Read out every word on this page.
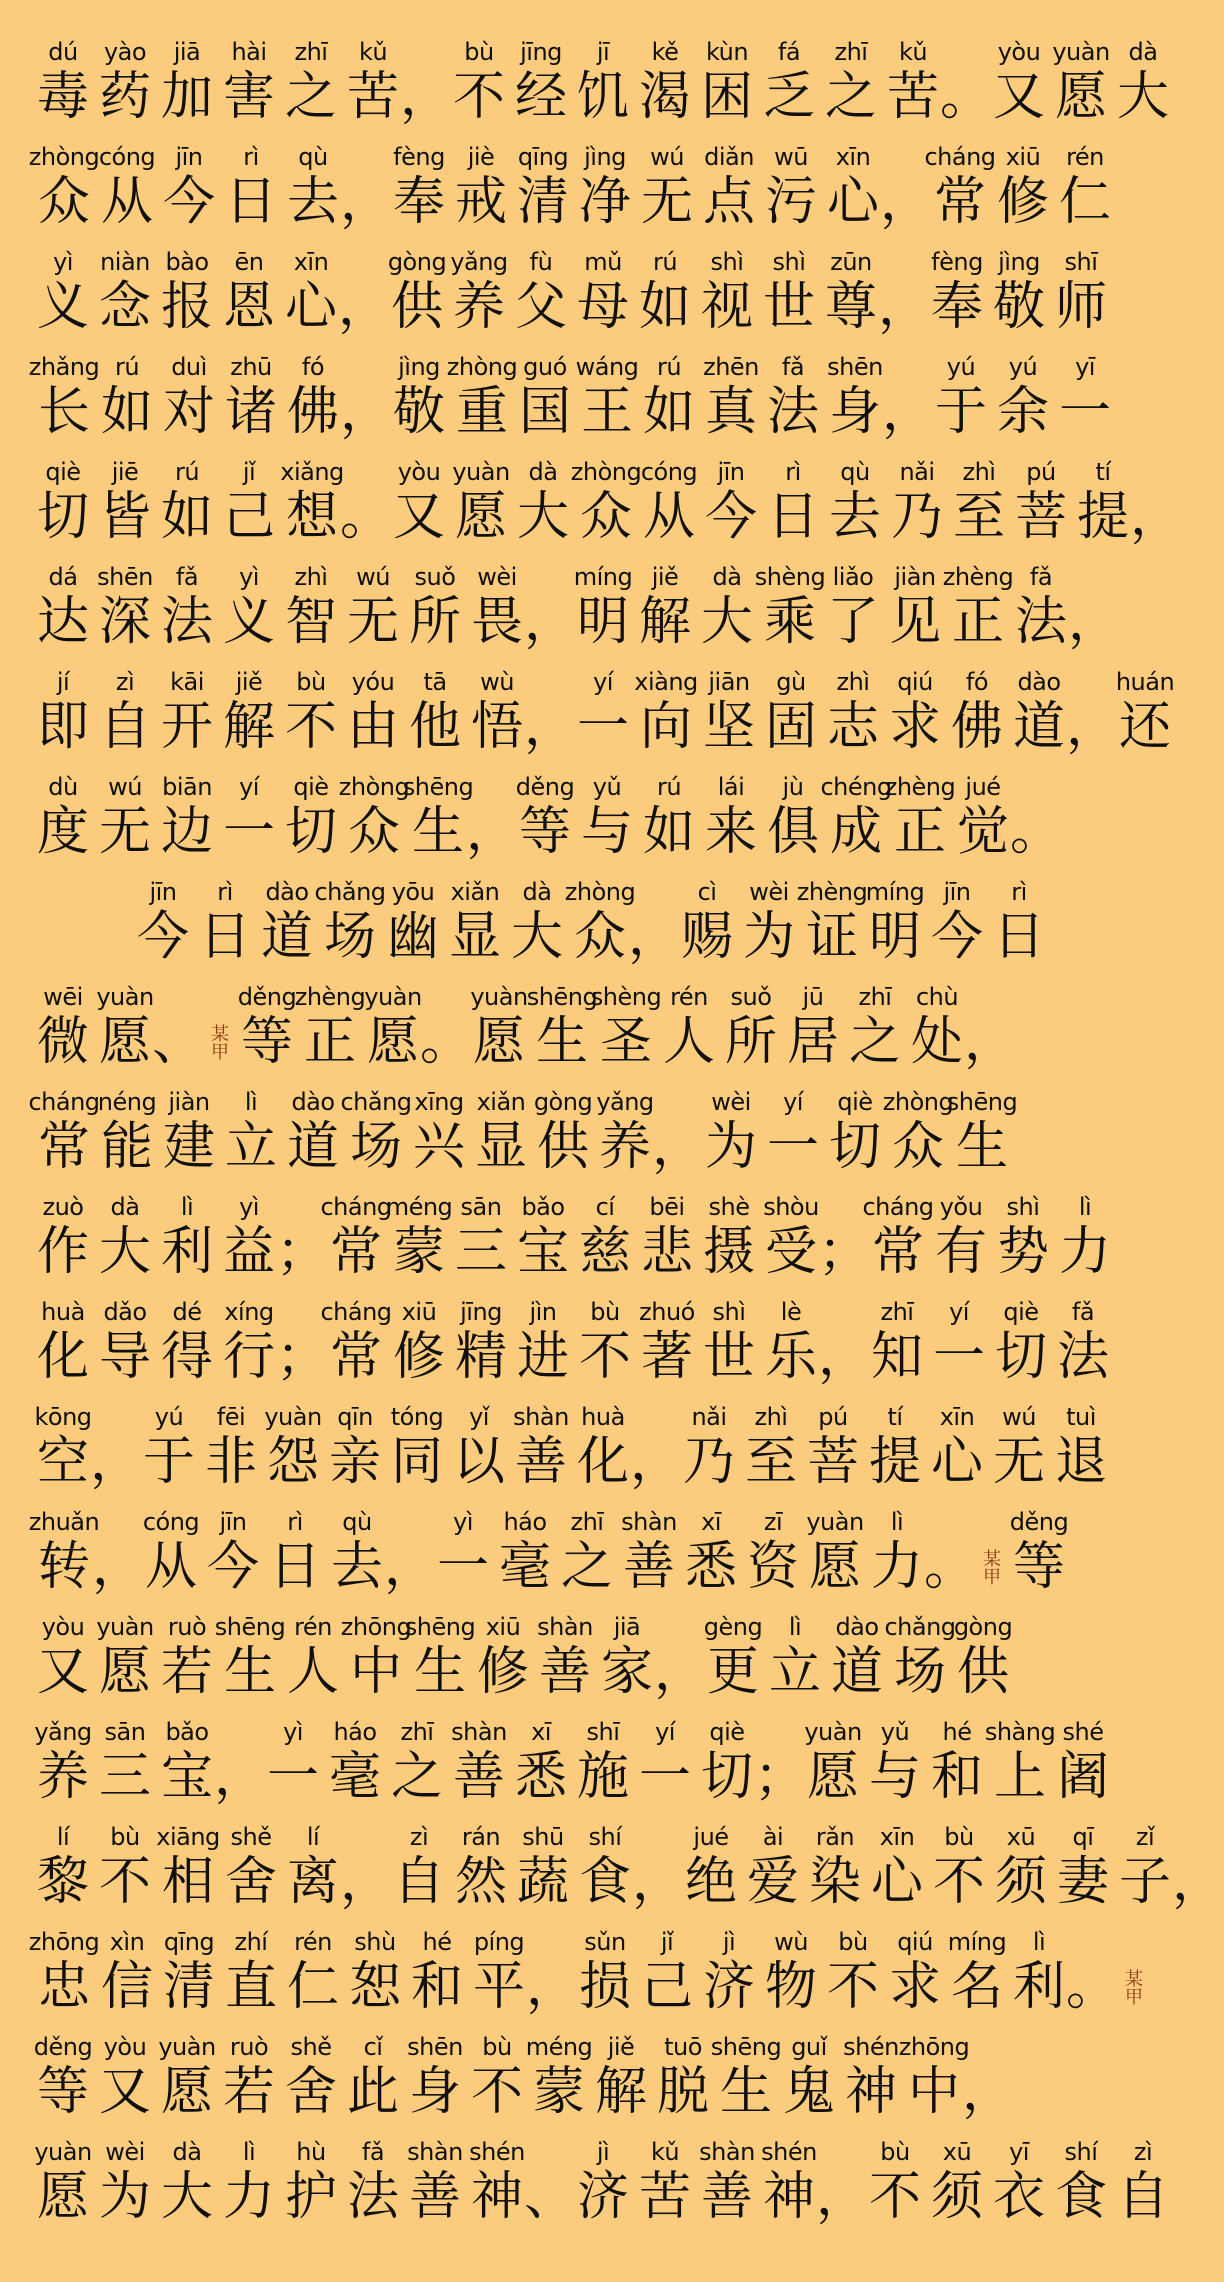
dú
毒
yào
药
jiā
加
hài
害
zhī
之
kǔ
苦 ，
bù
不
jīng
经
jī
饥
kě
渴
kùn
困
fá
乏
zhī
之
kǔ
苦 。
yòu
又
yuàn
愿
dà
大
zhòng
众
cóng
从
jīn
今
rì
日
qù
去 ，
fèng
奉
jiè
戒
qīng
清
jìng
净
wú
无
diǎn
点
wū
污
xīn
心 ，
cháng
常
xiū
修
rén
仁
yì
义
niàn
念
bào
报
ēn
恩
xīn
心 ，
gòng
供
yǎng
养
fù
父
mǔ
母
rú
如
shì
视
shì
世
zūn
尊 ，
fèng
奉
jìng
敬
shī
师
zhǎng
长
rú
如
duì
对
zhū
诸
fó
佛 ，
jìng
敬
zhòng
重
guó
国
wáng
王
rú
如
zhēn
真
fǎ
法
shēn
身 ，
yú
于
yú
余
yī
一
qiè
切
jiē
皆
rú
如
jǐ
己
xiǎng
想 。
yòu
又
yuàn
愿
dà
大
zhòng
众
cóng
从
jīn
今
rì
日
qù
去
nǎi
乃
zhì
至
pú
菩
tí
提 ，
dá
达
shēn
深
fǎ
法
yì
义
zhì
智
wú
无
suǒ
所
wèi
畏 ，
míng
明
jiě
解
dà
大
shèng
乘
liǎo
了
jiàn
见
zhèng
正
fǎ
法 ，
jí
即
zì
自
kāi
开
jiě
解
bù
不
yóu
由
tā
他
wù
悟 ，
yí
一
xiàng
向
jiān
坚
gù
固
zhì
志
qiú
求
fó
佛
dào
道 ，
huán
还
dù
度
wú
无
biān
边
yí
一
qiè
切
zhòng
众
shēng
生 ，
děng
等
yǔ
与
rú
如
lái
来
jù
俱
chéng
成
zhèng
正
jué
觉 。
jīn
今
rì
日
dào
道
chǎng
场
yōu
幽
xiǎn
显
dà
大
zhòng
众 ，
cì
赐
wèi
为
zhèng
证
míng
明
jīn
今
rì
日
wēi
微
yuàn
愿 、 某甲
děng
等
zhèng
正
yuàn
愿 。
yuàn
愿
shēng
生
shèng
圣
rén
人
suǒ
所
jū
居
zhī
之
chù
处 ，
cháng
常
néng
能
jiàn
建
lì
立
dào
道
chǎng
场
xīng
兴
xiǎn
显
gòng
供
yǎng
养 ，
wèi
为
yí
一
qiè
切
zhòng
众
shēng
生
zuò
作
dà
大
lì
利
yì
益 ；
cháng
常
méng
蒙
sān
三
bǎo
宝
cí
慈
bēi
悲
shè
摄
shòu
受 ；
cháng
常
yǒu
有
shì
势
lì
力
huà
化
dǎo
导
dé
得
xíng
行 ；
cháng
常
xiū
修
jīng
精
jìn
进
bù
不
zhuó
著
shì
世
lè
乐 ，
zhī
知
yí
一
qiè
切
fǎ
法
kōng
空 ，
yú
于
fēi
非
yuàn
怨
qīn
亲
tóng
同
yǐ
以
shàn
善
huà
化 ，
nǎi
乃
zhì
至
pú
菩
tí
提
xīn
心
wú
无
tuì
退
zhuǎn
转 ，
cóng
从
jīn
今
rì
日
qù
去 ，
yì
一
háo
毫
zhī
之
shàn
善
xī
悉
zī
资
yuàn
愿
lì
力 。 某甲
děng
等
yòu
又
yuàn
愿
ruò
若
shēng
生
rén
人
zhōng
中
shēng
生
xiū
修
shàn
善
jiā
家 ，
gèng
更
lì
立
dào
道
chǎng
场
gòng
供
yǎng
养
sān
三
bǎo
宝 ，
yì
一
háo
毫
zhī
之
shàn
善
xī
悉
shī
施
yí
一
qiè
切 ；
yuàn
愿
yǔ
与
hé
和
shàng
上
shé
阇
lí
黎
bù
不
xiāng
相
shě
舍
lí
离 ，
zì
自
rán
然
shū
蔬
shí
食 ，
jué
绝
ài
爱
rǎn
染
xīn
心
bù
不
xū
须
qī
妻
zǐ
子 ，
zhōng
忠
xìn
信
qīng
清
zhí
直
rén
仁
shù
恕
hé
和
píng
平 ，
sǔn
损
jǐ
己
jì
济
wù
物
bù
不
qiú
求
míng
名
lì
利 。 某甲
děng
等
yòu
又
yuàn
愿
ruò
若
shě
舍
cǐ
此
shēn
身
bù
不
méng
蒙
jiě
解
tuō
脱
shēng
生
guǐ
鬼
shén
神
zhōng
中 ，
yuàn
愿
wèi
为
dà
大
lì
力
hù
护
fǎ
法
shàn
善
shén
神 、
jì
济
kǔ
苦
shàn
善
shén
神 ，
bù
不
xū
须
yī
衣
shí
食
zì
自
